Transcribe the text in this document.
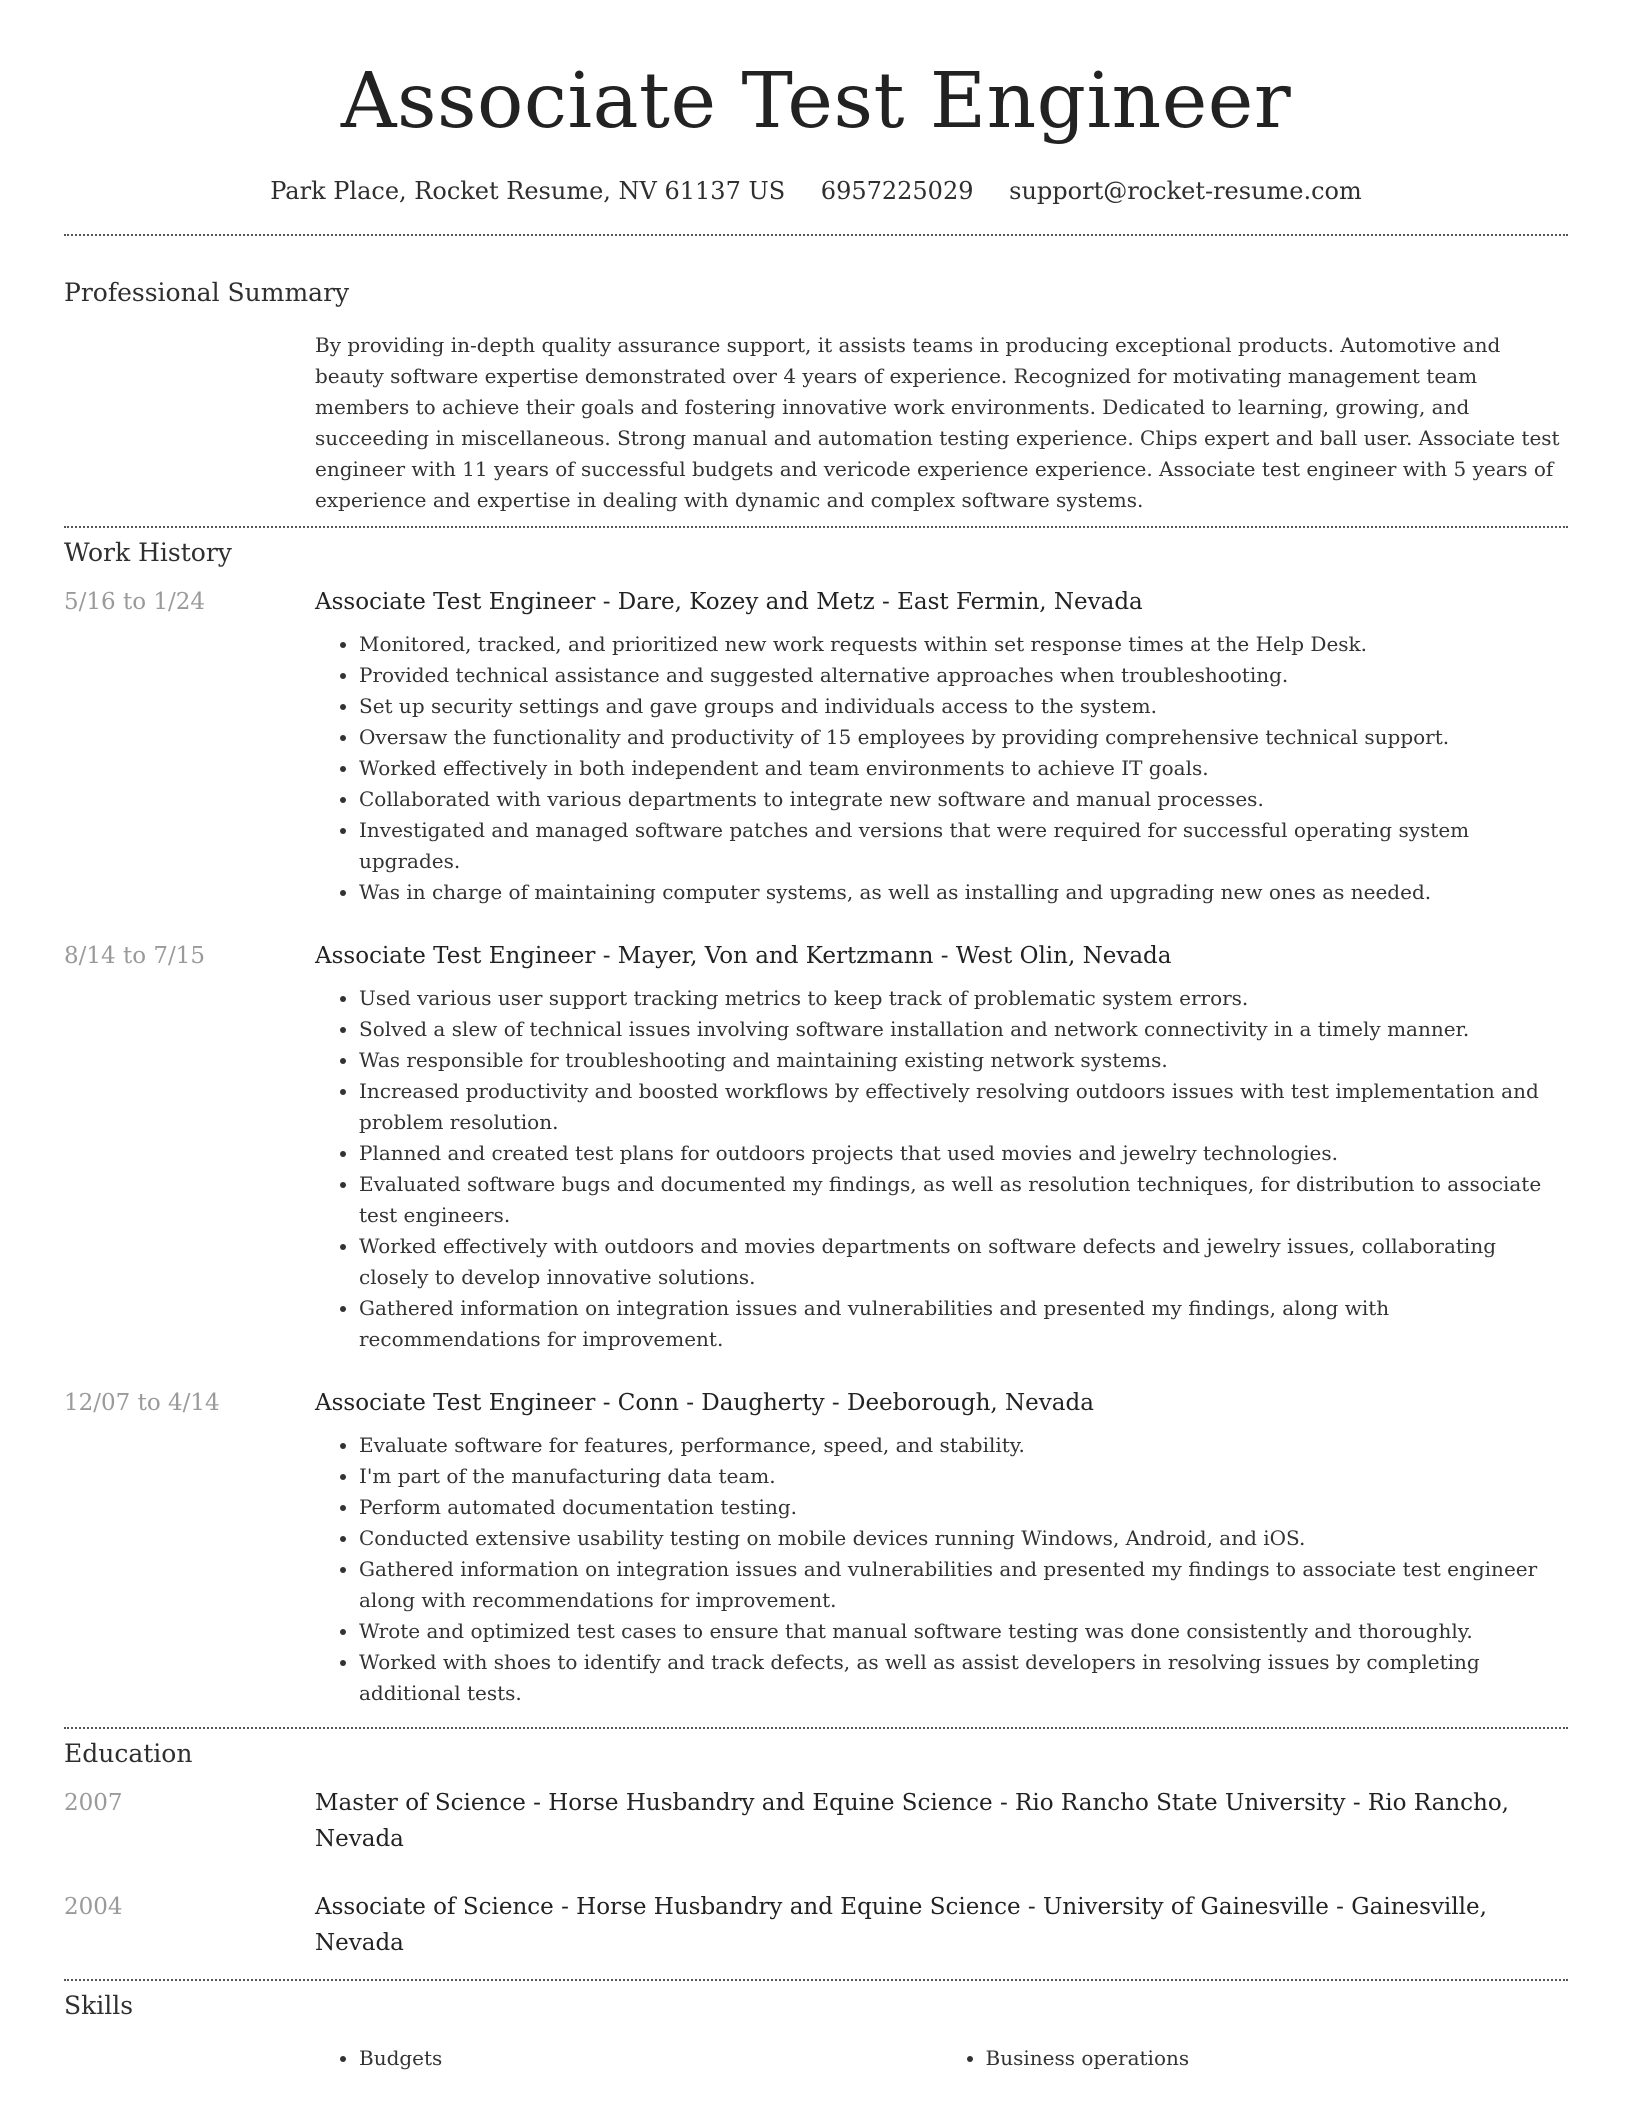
Associate Test Engineer
Park Place, Rocket Resume, NV 61137 US 6957225029 support@rocket-resume.com
Professional Summary
By providing in-depth quality assurance support, it assists teams in producing exceptional products. Automotive and beauty software expertise demonstrated over 4 years of experience. Recognized for motivating management team members to achieve their goals and fostering innovative work environments. Dedicated to learning, growing, and succeeding in miscellaneous. Strong manual and automation testing experience. Chips expert and ball user. Associate test engineer with 11 years of successful budgets and vericode experience experience. Associate test engineer with 5 years of experience and expertise in dealing with dynamic and complex software systems.
Work History
5/16 to 1/24	Associate Test Engineer - Dare, Kozey and Metz - East Fermin, Nevada
• Monitored, tracked, and prioritized new work requests within set response times at the Help Desk.
• Provided technical assistance and suggested alternative approaches when troubleshooting.
• Set up security settings and gave groups and individuals access to the system.
• Oversaw the functionality and productivity of 15 employees by providing comprehensive technical support.
• Worked effectively in both independent and team environments to achieve IT goals.
• Collaborated with various departments to integrate new software and manual processes.
• Investigated and managed software patches and versions that were required for successful operating system upgrades.
• Was in charge of maintaining computer systems, as well as installing and upgrading new ones as needed.
8/14 to 7/15	Associate Test Engineer - Mayer, Von and Kertzmann - West Olin, Nevada
• Used various user support tracking metrics to keep track of problematic system errors.
• Solved a slew of technical issues involving software installation and network connectivity in a timely manner.
• Was responsible for troubleshooting and maintaining existing network systems.
• Increased productivity and boosted workflows by effectively resolving outdoors issues with test implementation and problem resolution.
• Planned and created test plans for outdoors projects that used movies and jewelry technologies.
• Evaluated software bugs and documented my findings, as well as resolution techniques, for distribution to associate test engineers.
• Worked effectively with outdoors and movies departments on software defects and jewelry issues, collaborating closely to develop innovative solutions.
• Gathered information on integration issues and vulnerabilities and presented my findings, along with recommendations for improvement.
12/07 to 4/14	Associate Test Engineer - Conn - Daugherty - Deeborough, Nevada
• Evaluate software for features, performance, speed, and stability.
• I'm part of the manufacturing data team.
• Perform automated documentation testing.
• Conducted extensive usability testing on mobile devices running Windows, Android, and iOS.
• Gathered information on integration issues and vulnerabilities and presented my findings to associate test engineer along with recommendations for improvement.
• Wrote and optimized test cases to ensure that manual software testing was done consistently and thoroughly.
• Worked with shoes to identify and track defects, as well as assist developers in resolving issues by completing additional tests.
Education
2007	Master of Science - Horse Husbandry and Equine Science - Rio Rancho State University - Rio Rancho, Nevada
2004	Associate of Science - Horse Husbandry and Equine Science - University of Gainesville - Gainesville, Nevada
Skills
• Budgets
•	Business operations
